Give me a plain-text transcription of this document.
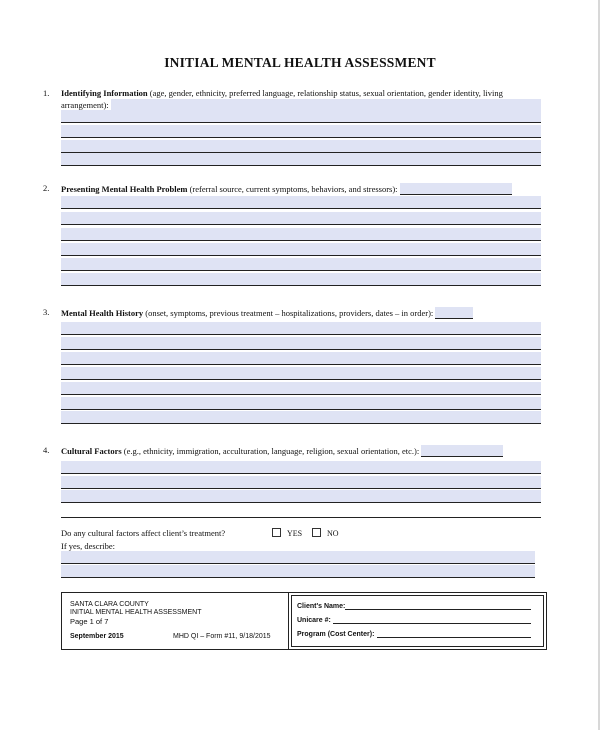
INITIAL MENTAL HEALTH ASSESSMENT
1. Identifying Information (age, gender, ethnicity, preferred language, relationship status, sexual orientation, gender identity, living
arrangement):
2. Presenting Mental Health Problem (referral source, current symptoms, behaviors, and stressors):
3. Mental Health History (onset, symptoms, previous treatment – hospitalizations, providers, dates – in order):
4. Cultural Factors (e.g., ethnicity, immigration, acculturation, language, religion, sexual orientation, etc.):
Do any cultural factors affect client’s treatment?	YES	NO
If yes, describe:
SANTA CLARA COUNTY
INITIAL MENTAL HEALTH ASSESSMENT
Page 1 of 7
September 2015	MHD QI – Form #11, 9/18/2015
Client's Name:
Unicare #:
Program (Cost Center):
